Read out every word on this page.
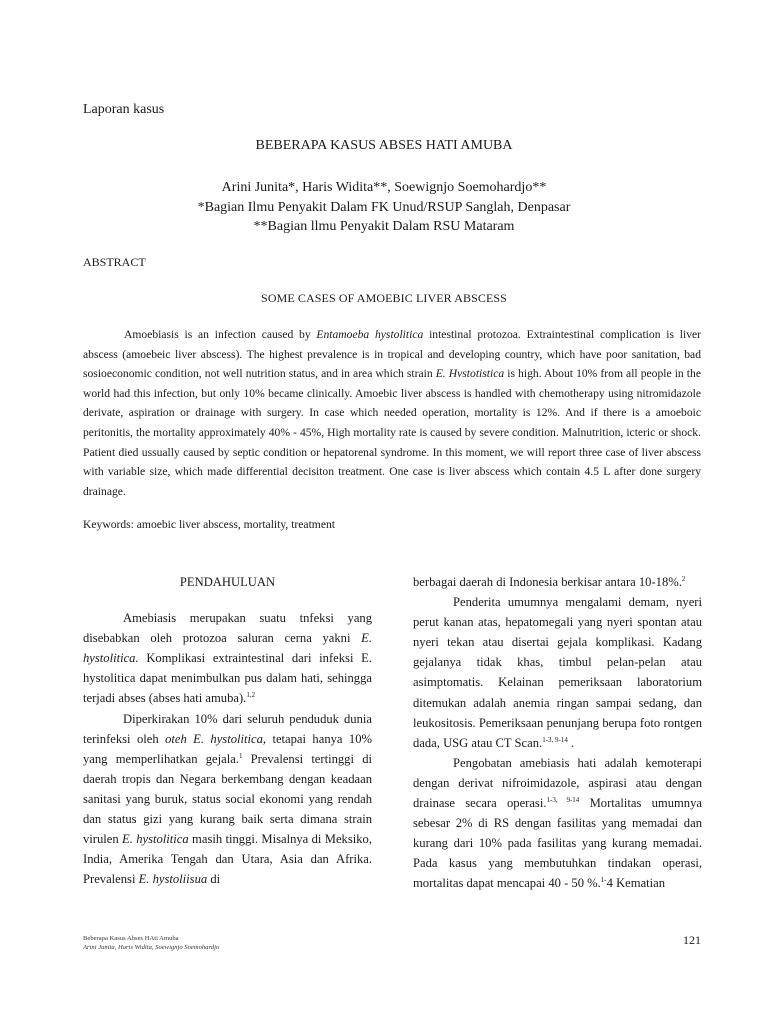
Laporan kasus
BEBERAPA KASUS ABSES HATI AMUBA
Arini Junita*, Haris Widita**, Soewignjo Soemohardjo**
*Bagian Ilmu Penyakit Dalam FK Unud/RSUP Sanglah, Denpasar
**Bagian llmu Penyakit Dalam RSU Mataram
ABSTRACT
SOME CASES OF AMOEBIC LIVER ABSCESS
Amoebiasis is an infection caused by Entamoeba hystolitica intestinal protozoa. Extraintestinal complication is liver abscess (amoebeic liver abscess). The highest prevalence is in tropical and developing country, which have poor sanitation, bad sosioeconomic condition, not well nutrition status, and in area which strain E. Hvstotistica is high. About 10% from all people in the world had this infection, but only 10% became clinically. Amoebic liver abscess is handled with chemotherapy using nitromidazole derivate, aspiration or drainage with surgery. In case which needed operation, mortality is 12%. And if there is a amoeboic peritonitis, the mortality approximately 40% - 45%, High mortality rate is caused by severe condition. Malnutrition, icteric or shock. Patient died ussually caused by septic condition or hepatorenal syndrome. In this moment, we will report three case of liver abscess with variable size, which made differential decisiton treatment. One case is liver abscess which contain 4.5 L after done surgery drainage.
Keywords: amoebic liver abscess, mortality, treatment

PENDAHULUAN

Amebiasis merupakan suatu tnfeksi yang disebabkan oleh protozoa saluran cerna yakni E. hystolitica. Komplikasi extraintestinal dari infeksi E. hystolitica dapat menimbulkan pus dalam hati, sehingga terjadi abses (abses hati amuba).$^{1,2}$

Diperkirakan 10% dari seluruh penduduk dunia terinfeksi oleh oteh E. hystolitica, tetapai hanya 10% yang memperlihatkan gejala.$^1$ Prevalensi tertinggi di daerah tropis dan Negara berkembang dengan keadaan sanitasi yang buruk, status social ekonomi yang rendah dan status gizi yang kurang baik serta dimana strain virulen E. hystolitica masih tinggi. Misalnya di Meksiko, India, Amerika Tengah dan Utara, Asia dan Afrika. Prevalensi E. hystoliisua di

berbagai daerah di Indonesia berkisar antara 10-18%.$^2$

Penderita umumnya mengalami demam, nyeri perut kanan atas, hepatomegali yang nyeri spontan atau nyeri tekan atau disertai gejala komplikasi. Kadang gejalanya tidak khas, timbul pelan-pelan atau asimptomatis. Kelainan pemeriksaan laboratorium ditemukan adalah anemia ringan sampai sedang, dan leukositosis. Pemeriksaan penunjang berupa foto rontgen dada, USG atau CT Scan.$^{1-3, 9-14}$ .

Pengobatan amebiasis hati adalah kemoterapi dengan derivat nifroimidazole, aspirasi atau dengan drainase secara operasi.$^{1-3, 9-14}$ Mortalitas umumnya sebesar 2% di RS dengan fasilitas yang memadai dan kurang dari 10% pada fasilitas yang kurang memadai. Pada kasus yang membutuhkan tindakan operasi, mortalitas dapat mencapai 40 - 50 %.$^{1-}$4 Kematian

Beberapa Kasus Abses HAti Amuba
Arini Junita, Haris Widita, Soewignjo Soemohardjo	121
